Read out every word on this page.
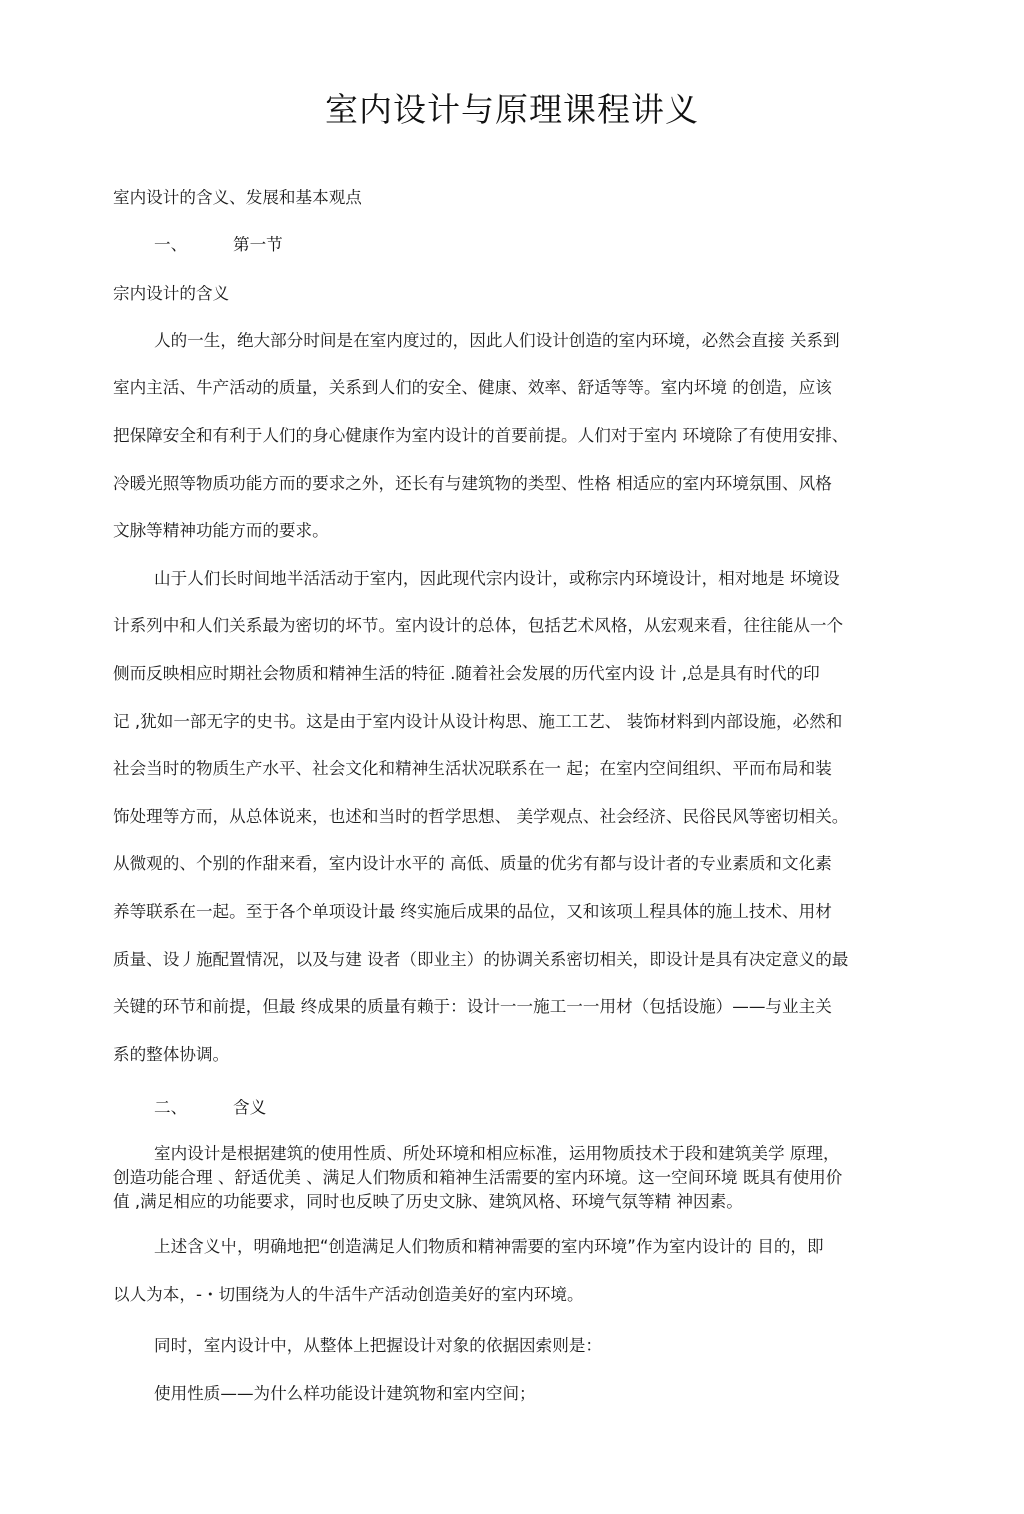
室内设计与原理课程讲义
室内设计的含义、发展和基本观点
一、	第一节
宗内设计的含义
人的一生，绝大部分时间是在室内度过的，因此人们设计创造的室内环境，必然会直接 关系到
室内主活、牛产活动的质量，关系到人们的安全、健康、效率、舒适等等。室内坏境 的创造，应该
把保障安全和有利于人们的身心健康作为室内设计的首要前提。人们对于室内 环境除了有使用安排、
冷暖光照等物质功能方而的要求之外，还长有与建筑物的类型、性格 相适应的室内环境氛围、风格
文脉等精神功能方而的要求。
山于人们长时间地半活活动于室内，因此现代宗内设计，或称宗内环境设计，相对地是 坏境设
计系列中和人们关系最为密切的坏节。室内设计的总体，包括艺术风格，从宏观来看，往往能从一个
侧而反映相应时期社会物质和精神生活的特征 .随着社会发展的历代室内设 计 ,总是具有时代的印
记 ,犹如一部无字的史书。这是由于室内设计从设计构思、施工工艺、 装饰材料到内部设施，必然和
社会当时的物质生产水平、社会文化和精神生活状况联系在一 起；在室内空间组织、平而布局和装
饰处理等方而，从总体说来，也述和当时的哲学思想、 美学观点、社会经济、民俗民风等密切相关。
从微观的、个别的作甜来看，室内设计水平的 高低、质量的优劣有都与设计者的专业素质和文化素
养等联系在一起。至于各个单项设计最 终实施后成果的品位，又和该项丄程具体的施丄技术、用材
质量、设丿施配置情况，以及与建 设者（即业主）的协调关系密切相关，即设计是具有决定意义的最
关键的环节和前提，但最 终成果的质量有赖于：设计一一施工一一用材（包括设施）——与业主关
系的整体协调。
二、	含义
室内设计是根据建筑的使用性质、所处环境和相应标准，运用物质技术于段和建筑美学 原理，
创造功能合理 、舒适优美 、满足人们物质和箱神生活需要的室内环境。这一空间环境 既具有使用价
值 ,满足相应的功能要求，同时也反映了历史文脉、建筑风格、环境气氛等精 神因素。
上述含义屮，明确地把“创造满足人们物质和精神需要的室内环境”作为室内设计的 目的，即
以人为本，-・切围绕为人的牛活牛产活动创造美好的室内环境。
同时，室内设计中，从整体上把握设计对象的依据因索则是：
使用性质——为什么样功能设计建筑物和室内空间；
